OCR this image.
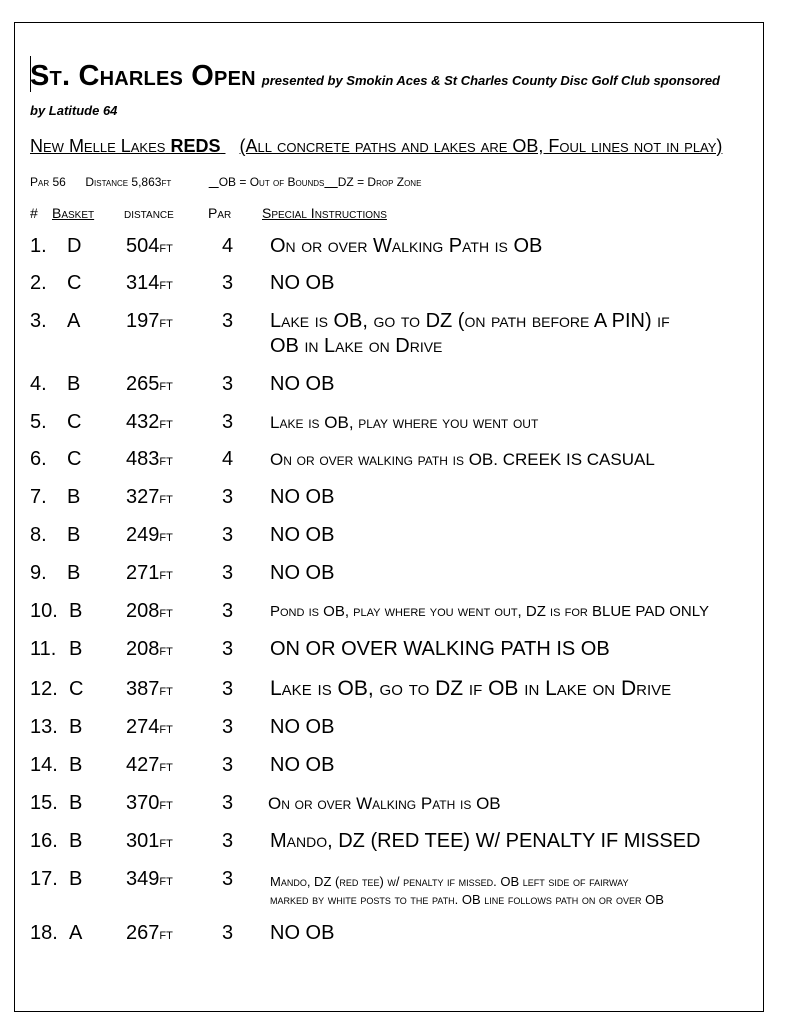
St. Charles Open presented by Smokin Aces & St Charles County Disc Golf Club sponsored
by Latitude 64
New Melle Lakes REDS (All concrete paths and lakes are OB, Foul lines not in play)
Par 56 Distance 5,863ft	OB = Out of Bounds DZ = Drop Zone
# Basket distance Par Special Instructions
1. D 504ft 4 On or over Walking Path is OB
2. C 314ft 3 NO OB
3. A 197ft 3 Lake is OB, go to DZ (on path before A PIN) if
OB in Lake on Drive
4. B 265ft 3 NO OB
5. C 432ft 3 Lake is OB, play where you went out
6. C 483ft 4 On or over walking path is OB. CREEK IS CASUAL
7. B 327ft 3 NO OB
8. B 249ft 3 NO OB
9. B 271ft 3 NO OB
10. B 208ft 3 Pond is OB, play where you went out, DZ is for BLUE PAD ONLY
11. B 208ft 3 ON OR OVER WALKING PATH IS OB
12. C 387ft 3 Lake is OB, go to DZ if OB in Lake on Drive
13. B 274ft 3 NO OB
14. B 427ft 3 NO OB
15. B 370ft 3 On or over Walking Path is OB
16. B 301ft 3 Mando, DZ (RED TEE) W/ PENALTY IF MISSED
17. B 349ft 3	Mando, DZ (red tee) w/ penalty if missed. OB left side of fairway
marked by white posts to the path. OB line follows path on or over OB
18. A 267ft 3 NO OB
